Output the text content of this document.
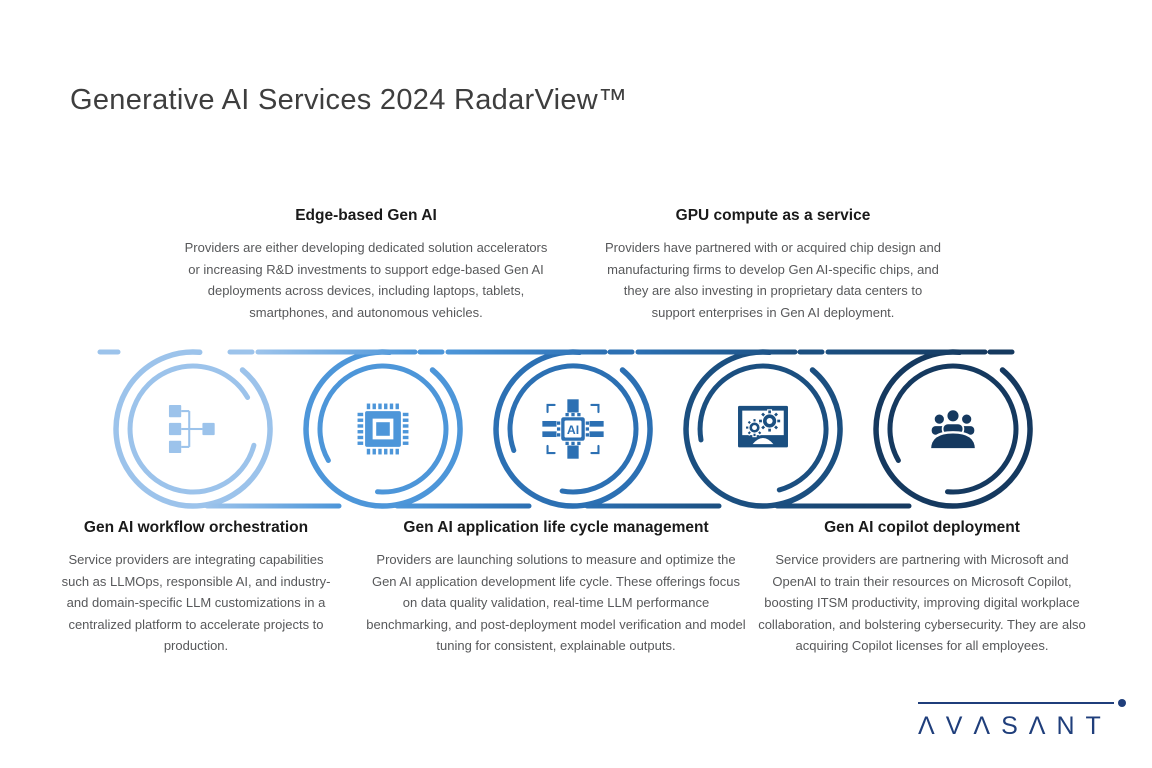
Generative AI Services 2024 RadarView™
Edge-based Gen AI

Providers are either developing dedicated solution accelerators or increasing R&D investments to support edge-based Gen AI deployments across devices, including laptops, tablets, smartphones, and autonomous vehicles.

GPU compute as a service

Providers have partnered with or acquired chip design and manufacturing firms to develop Gen AI-specific chips, and they are also investing in proprietary data centers to support enterprises in Gen AI deployment.

AI
Gen AI workflow orchestration

Service providers are integrating capabilities such as LLMOps, responsible AI, and industry- and domain-specific LLM customizations in a centralized platform to accelerate projects to production.

Gen AI application life cycle management

Providers are launching solutions to measure and optimize the Gen AI application development life cycle. These offerings focus on data quality validation, real-time LLM performance benchmarking, and post-deployment model verification and model tuning for consistent, explainable outputs.

Gen AI copilot deployment

Service providers are partnering with Microsoft and OpenAI to train their resources on Microsoft Copilot, boosting ITSM productivity, improving digital workplace collaboration, and bolstering cybersecurity. They are also acquiring Copilot licenses for all employees.

ΛVΛSΛNT
